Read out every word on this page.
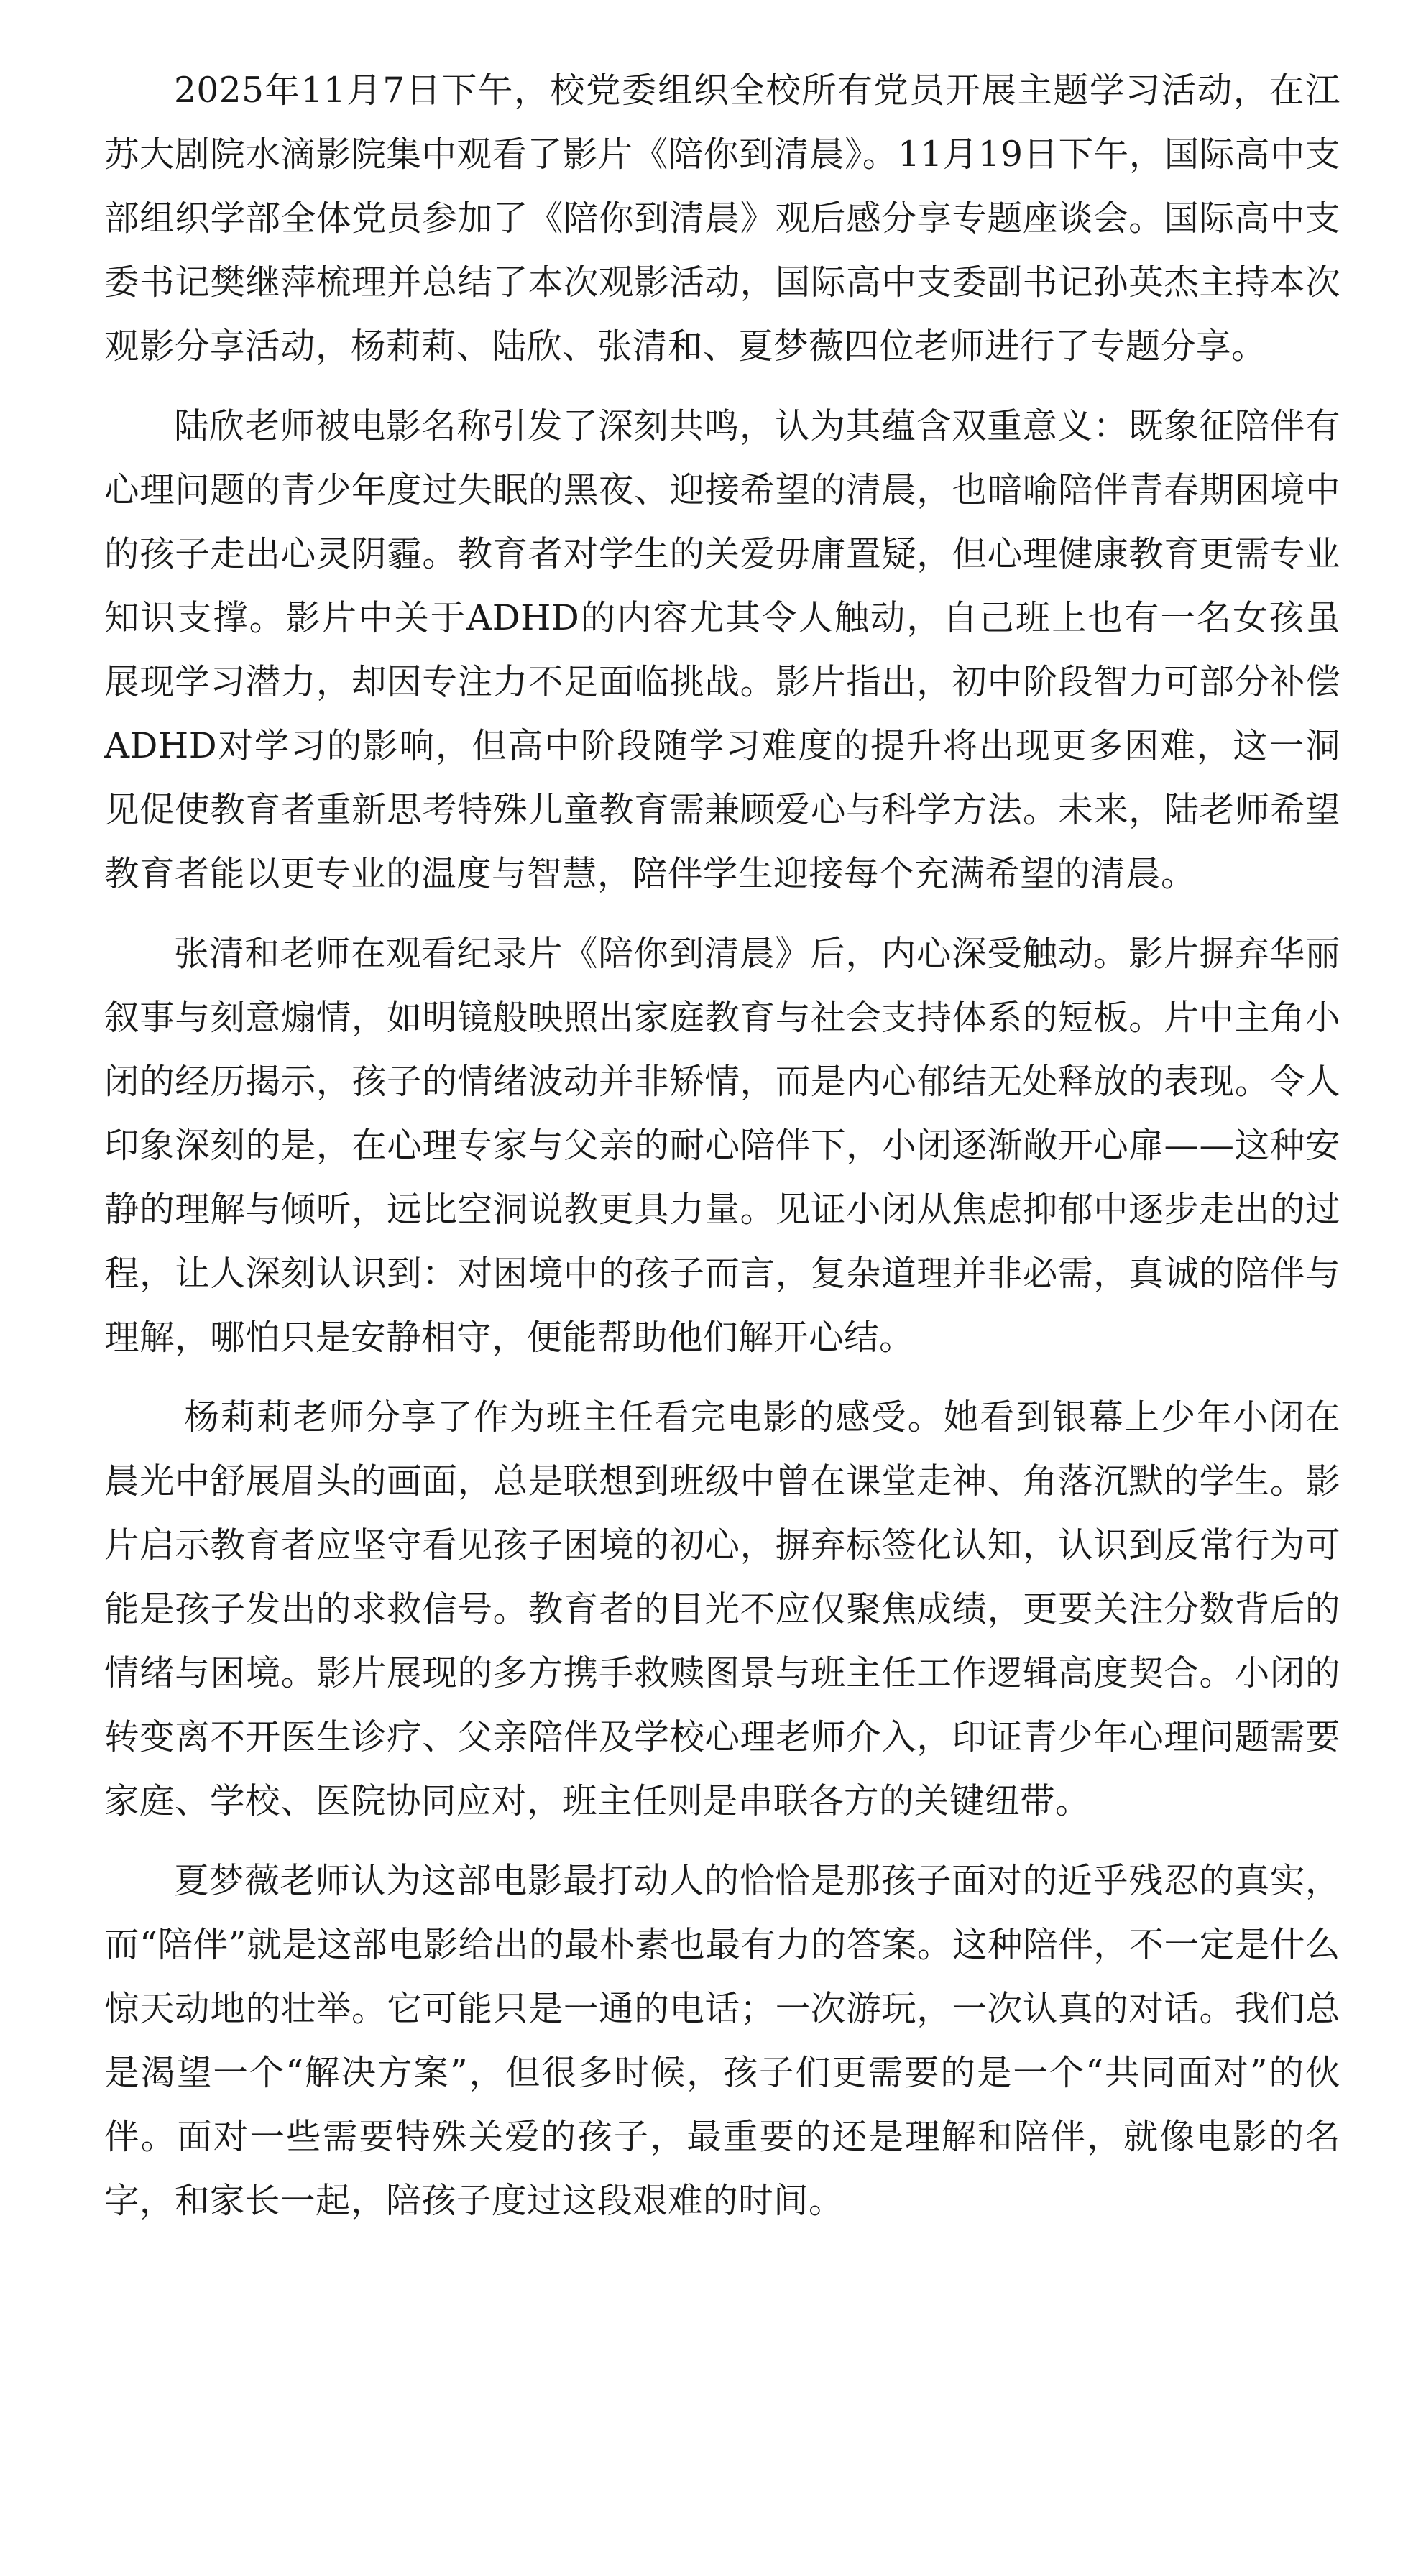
2025年11月7日下午，校党委组织全校所有党员开展主题学习活动，在江苏大剧院水滴影院集中观看了影片《陪你到清晨》。11月19日下午，国际高中支部组织学部全体党员参加了《陪你到清晨》观后感分享专题座谈会。国际高中支委书记樊继萍梳理并总结了本次观影活动，国际高中支委副书记孙英杰主持本次观影分享活动，杨莉莉、陆欣、张清和、夏梦薇四位老师进行了专题分享。

陆欣老师被电影名称引发了深刻共鸣，认为其蕴含双重意义：既象征陪伴有心理问题的青少年度过失眠的黑夜、迎接希望的清晨，也暗喻陪伴青春期困境中的孩子走出心灵阴霾。教育者对学生的关爱毋庸置疑，但心理健康教育更需专业知识支撑。影片中关于ADHD的内容尤其令人触动，自己班上也有一名女孩虽展现学习潜力，却因专注力不足面临挑战。影片指出，初中阶段智力可部分补偿ADHD对学习的影响，但高中阶段随学习难度的提升将出现更多困难，这一洞见促使教育者重新思考特殊儿童教育需兼顾爱心与科学方法。未来，陆老师希望教育者能以更专业的温度与智慧，陪伴学生迎接每个充满希望的清晨。

张清和老师在观看纪录片《陪你到清晨》后，内心深受触动。影片摒弃华丽叙事与刻意煽情，如明镜般映照出家庭教育与社会支持体系的短板。片中主角小闭的经历揭示，孩子的情绪波动并非矫情，而是内心郁结无处释放的表现。令人印象深刻的是，在心理专家与父亲的耐心陪伴下，小闭逐渐敞开心扉——这种安静的理解与倾听，远比空洞说教更具力量。见证小闭从焦虑抑郁中逐步走出的过程，让人深刻认识到：对困境中的孩子而言，复杂道理并非必需，真诚的陪伴与理解，哪怕只是安静相守，便能帮助他们解开心结。

杨莉莉老师分享了作为班主任看完电影的感受。她看到银幕上少年小闭在晨光中舒展眉头的画面，总是联想到班级中曾在课堂走神、角落沉默的学生。影片启示教育者应坚守看见孩子困境的初心，摒弃标签化认知，认识到反常行为可能是孩子发出的求救信号。教育者的目光不应仅聚焦成绩，更要关注分数背后的情绪与困境。影片展现的多方携手救赎图景与班主任工作逻辑高度契合。小闭的转变离不开医生诊疗、父亲陪伴及学校心理老师介入，印证青少年心理问题需要家庭、学校、医院协同应对，班主任则是串联各方的关键纽带。

夏梦薇老师认为这部电影最打动人的恰恰是那孩子面对的近乎残忍的真实，而“陪伴”就是这部电影给出的最朴素也最有力的答案。这种陪伴，不一定是什么惊天动地的壮举。它可能只是一通的电话；一次游玩，一次认真的对话。我们总是渴望一个“解决方案”，但很多时候，孩子们更需要的是一个“共同面对”的伙伴。面对一些需要特殊关爱的孩子，最重要的还是理解和陪伴，就像电影的名字，和家长一起，陪孩子度过这段艰难的时间。
